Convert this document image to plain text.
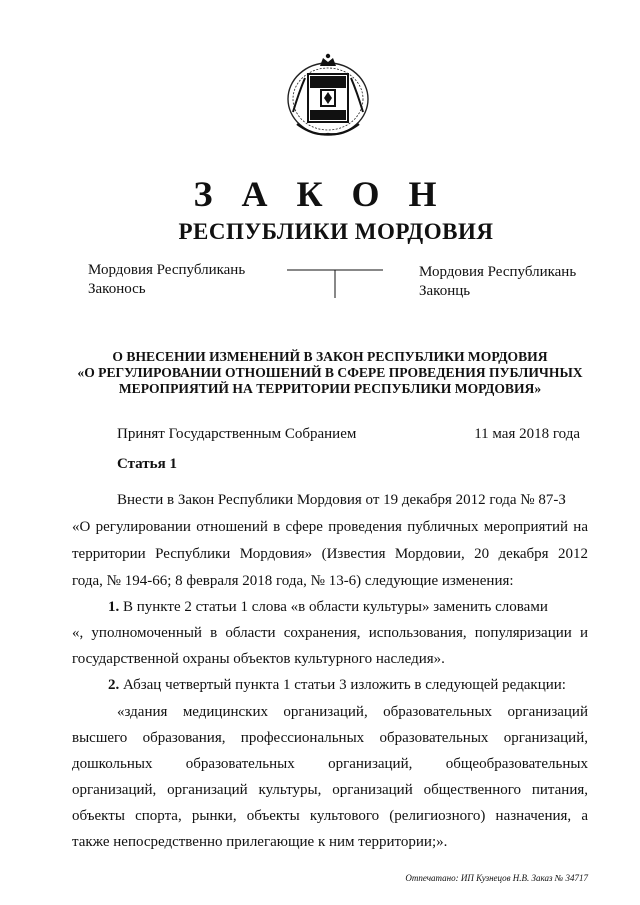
З А К О Н
РЕСПУБЛИКИ МОРДОВИЯ
Мордовия Республикань
Законось
Мордовия Республикань
Законць
О ВНЕСЕНИИ ИЗМЕНЕНИЙ В ЗАКОН РЕСПУБЛИКИ МОРДОВИЯ
«О РЕГУЛИРОВАНИИ ОТНОШЕНИЙ В СФЕРЕ ПРОВЕДЕНИЯ ПУБЛИЧНЫХ
МЕРОПРИЯТИЙ НА ТЕРРИТОРИИ РЕСПУБЛИКИ МОРДОВИЯ»
Принят Государственным Собранием	11 мая 2018 года
Статья 1
Внести в Закон Республики Мордовия от 19 декабря 2012 года № 87-З
«О регулировании отношений в сфере проведения публичных мероприятий на
территории Республики Мордовия» (Известия Мордовии, 20 декабря 2012
года, № 194-66; 8 февраля 2018 года, № 13-6) следующие изменения:
1. В пункте 2 статьи 1 слова «в области культуры» заменить словами
«, уполномоченный в области сохранения, использования, популяризации и
государственной охраны объектов культурного наследия».
2. Абзац четвертый пункта 1 статьи 3 изложить в следующей редакции:
«здания медицинских организаций, образовательных организаций
высшего образования, профессиональных образовательных организаций,
дошкольных образовательных организаций, общеобразовательных
организаций, организаций культуры, организаций общественного питания,
объекты спорта, рынки, объекты культового (религиозного) назначения, а
также непосредственно прилегающие к ним территории;».
Отпечатано: ИП Кузнецов Н.В. Заказ № 34717
